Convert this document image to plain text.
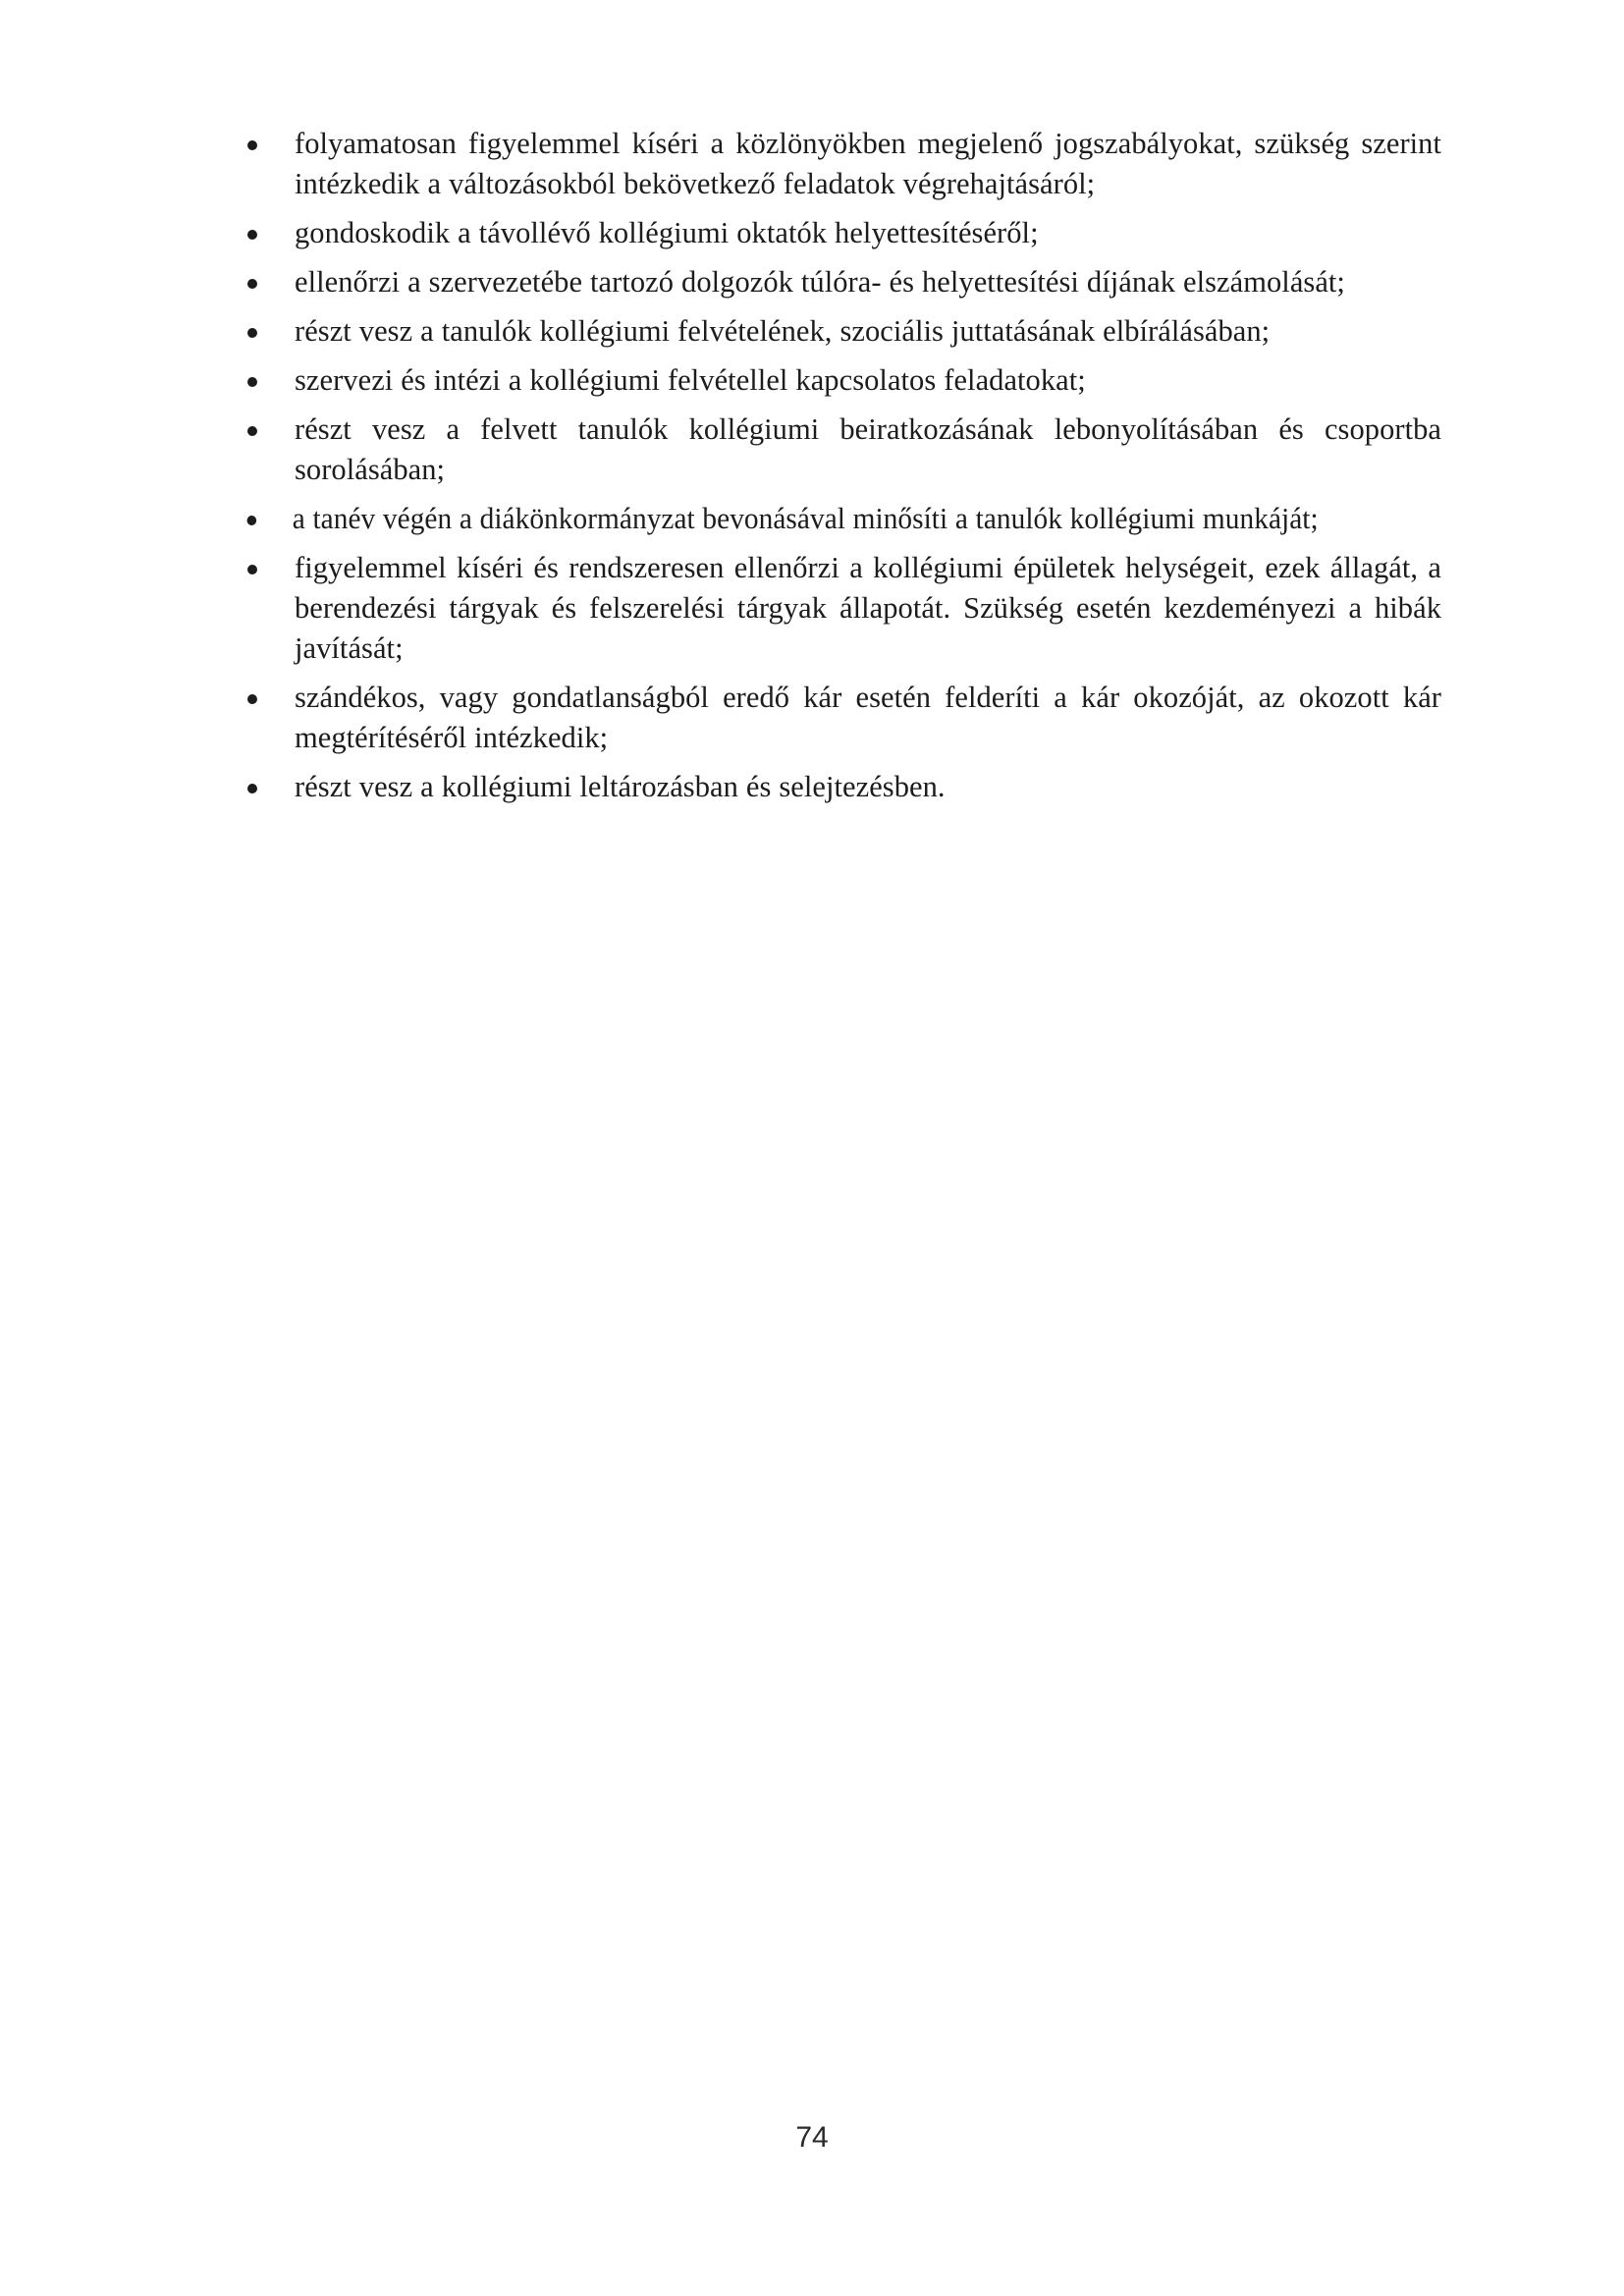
folyamatosan figyelemmel kíséri a közlönyökben megjelenő jogszabályokat, szükség szerint intézkedik a változásokból bekövetkező feladatok végrehajtásáról;
gondoskodik a távollévő kollégiumi oktatók helyettesítéséről;
ellenőrzi a szervezetébe tartozó dolgozók túlóra- és helyettesítési díjának elszámolását;
részt vesz a tanulók kollégiumi felvételének, szociális juttatásának elbírálásában;
szervezi és intézi a kollégiumi felvétellel kapcsolatos feladatokat;
részt vesz a felvett tanulók kollégiumi beiratkozásának lebonyolításában és csoportba sorolásában;
a tanév végén a diákönkormányzat bevonásával minősíti a tanulók kollégiumi munkáját;
figyelemmel kíséri és rendszeresen ellenőrzi a kollégiumi épületek helységeit, ezek állagát, a berendezési tárgyak és felszerelési tárgyak állapotát. Szükség esetén kezdeményezi a hibák javítását;
szándékos, vagy gondatlanságból eredő kár esetén felderíti a kár okozóját, az okozott kár megtérítéséről intézkedik;
részt vesz a kollégiumi leltározásban és selejtezésben.
74
